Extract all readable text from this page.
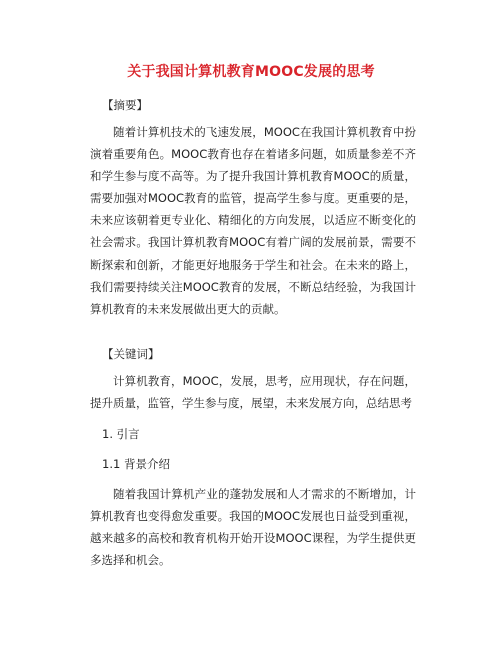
关于我国计算机教育MOOC发展的思考
【摘要】

随着计算机技术的飞速发展，MOOC在我国计算机教育中扮演着重要角色。MOOC教育也存在着诸多问题，如质量参差不齐和学生参与度不高等。为了提升我国计算机教育MOOC的质量，需要加强对MOOC教育的监管，提高学生参与度。更重要的是，未来应该朝着更专业化、精细化的方向发展，以适应不断变化的社会需求。我国计算机教育MOOC有着广阔的发展前景，需要不断探索和创新，才能更好地服务于学生和社会。在未来的路上，我们需要持续关注MOOC教育的发展，不断总结经验，为我国计算机教育的未来发展做出更大的贡献。

【关键词】

计算机教育，MOOC，发展，思考，应用现状，存在问题，提升质量，监管，学生参与度，展望，未来发展方向，总结思考

1. 引言
1.1 背景介绍

随着我国计算机产业的蓬勃发展和人才需求的不断增加，计算机教育也变得愈发重要。我国的MOOC发展也日益受到重视，越来越多的高校和教育机构开始开设MOOC课程，为学生提供更多选择和机会。
